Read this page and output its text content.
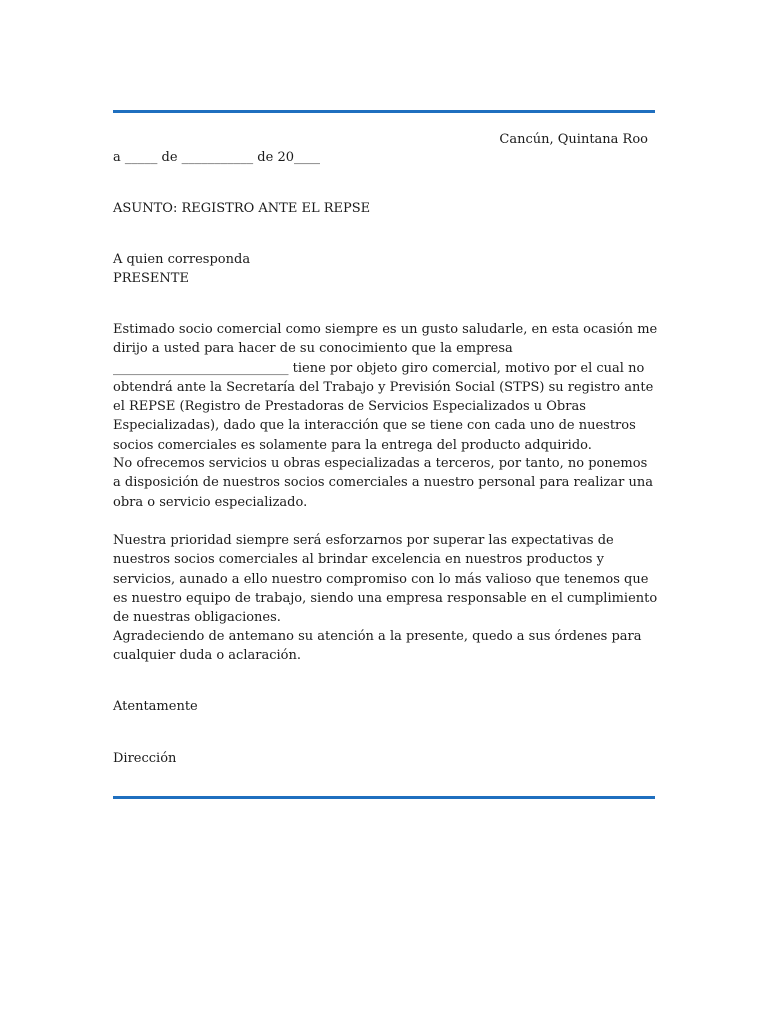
Cancún, Quintana Roo
a _____ de ___________ de 20____
ASUNTO: REGISTRO ANTE EL REPSE

A quien corresponda

PRESENTE

Estimado socio comercial como siempre es un gusto saludarle, en esta ocasión me dirijo a usted para hacer de su conocimiento que la empresa ___________________________ tiene por objeto giro comercial, motivo por el cual no obtendrá ante la Secretaría del Trabajo y Previsión Social (STPS) su registro ante el REPSE (Registro de Prestadoras de Servicios Especializados u Obras Especializadas), dado que la interacción que se tiene con cada uno de nuestros socios comerciales es solamente para la entrega del producto adquirido.

No ofrecemos servicios u obras especializadas a terceros, por tanto, no ponemos a disposición de nuestros socios comerciales a nuestro personal para realizar una obra o servicio especializado.

Nuestra prioridad siempre será esforzarnos por superar las expectativas de nuestros socios comerciales al brindar excelencia en nuestros productos y servicios, aunado a ello nuestro compromiso con lo más valioso que tenemos que es nuestro equipo de trabajo, siendo una empresa responsable en el cumplimiento de nuestras obligaciones.

Agradeciendo de antemano su atención a la presente, quedo a sus órdenes para cualquier duda o aclaración.

Atentamente
Dirección
